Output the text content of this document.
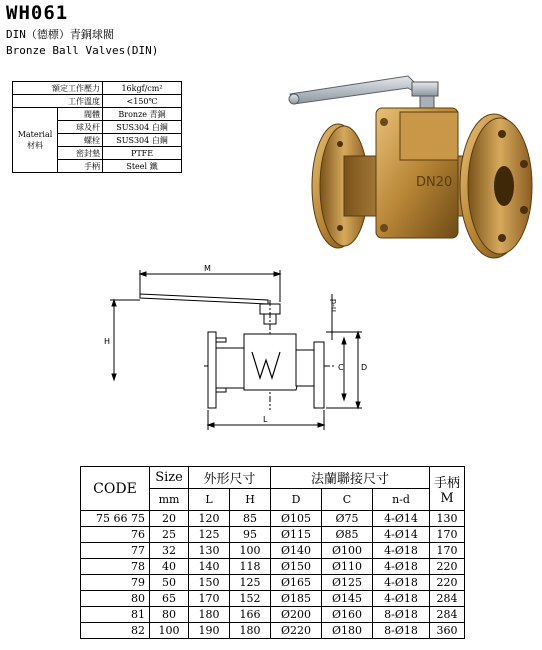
WH061
DIN（德標）青銅球閥
Bronze Ball Valves(DIN)
額定工作壓力		16kgf/cm²
工作溫度		<150℃

Material
材料	閥體	Bronze 青銅
	球及杆	SUS304 白鋼
	螺栓	SUS304 白鋼
	密封墊	PTFE
	手柄	Steel 鐵
DN20
M
H
n-d
C D
L
CODE	Size	外形尺寸		法蘭聯接尺寸			手柄
M

	mm	L	H	D	C	n-d	
75 66 75	20	120	85	Ø105	Ø75	4-Ø14	130
76	25	125	95	Ø115	Ø85	4-Ø14	170
77	32	130	100	Ø140	Ø100	4-Ø18	170
78	40	140	118	Ø150	Ø110	4-Ø18	220
79	50	150	125	Ø165	Ø125	4-Ø18	220
80	65	170	152	Ø185	Ø145	4-Ø18	284
81	80	180	166	Ø200	Ø160	8-Ø18	284
82	100	190	180	Ø220	Ø180	8-Ø18	360
